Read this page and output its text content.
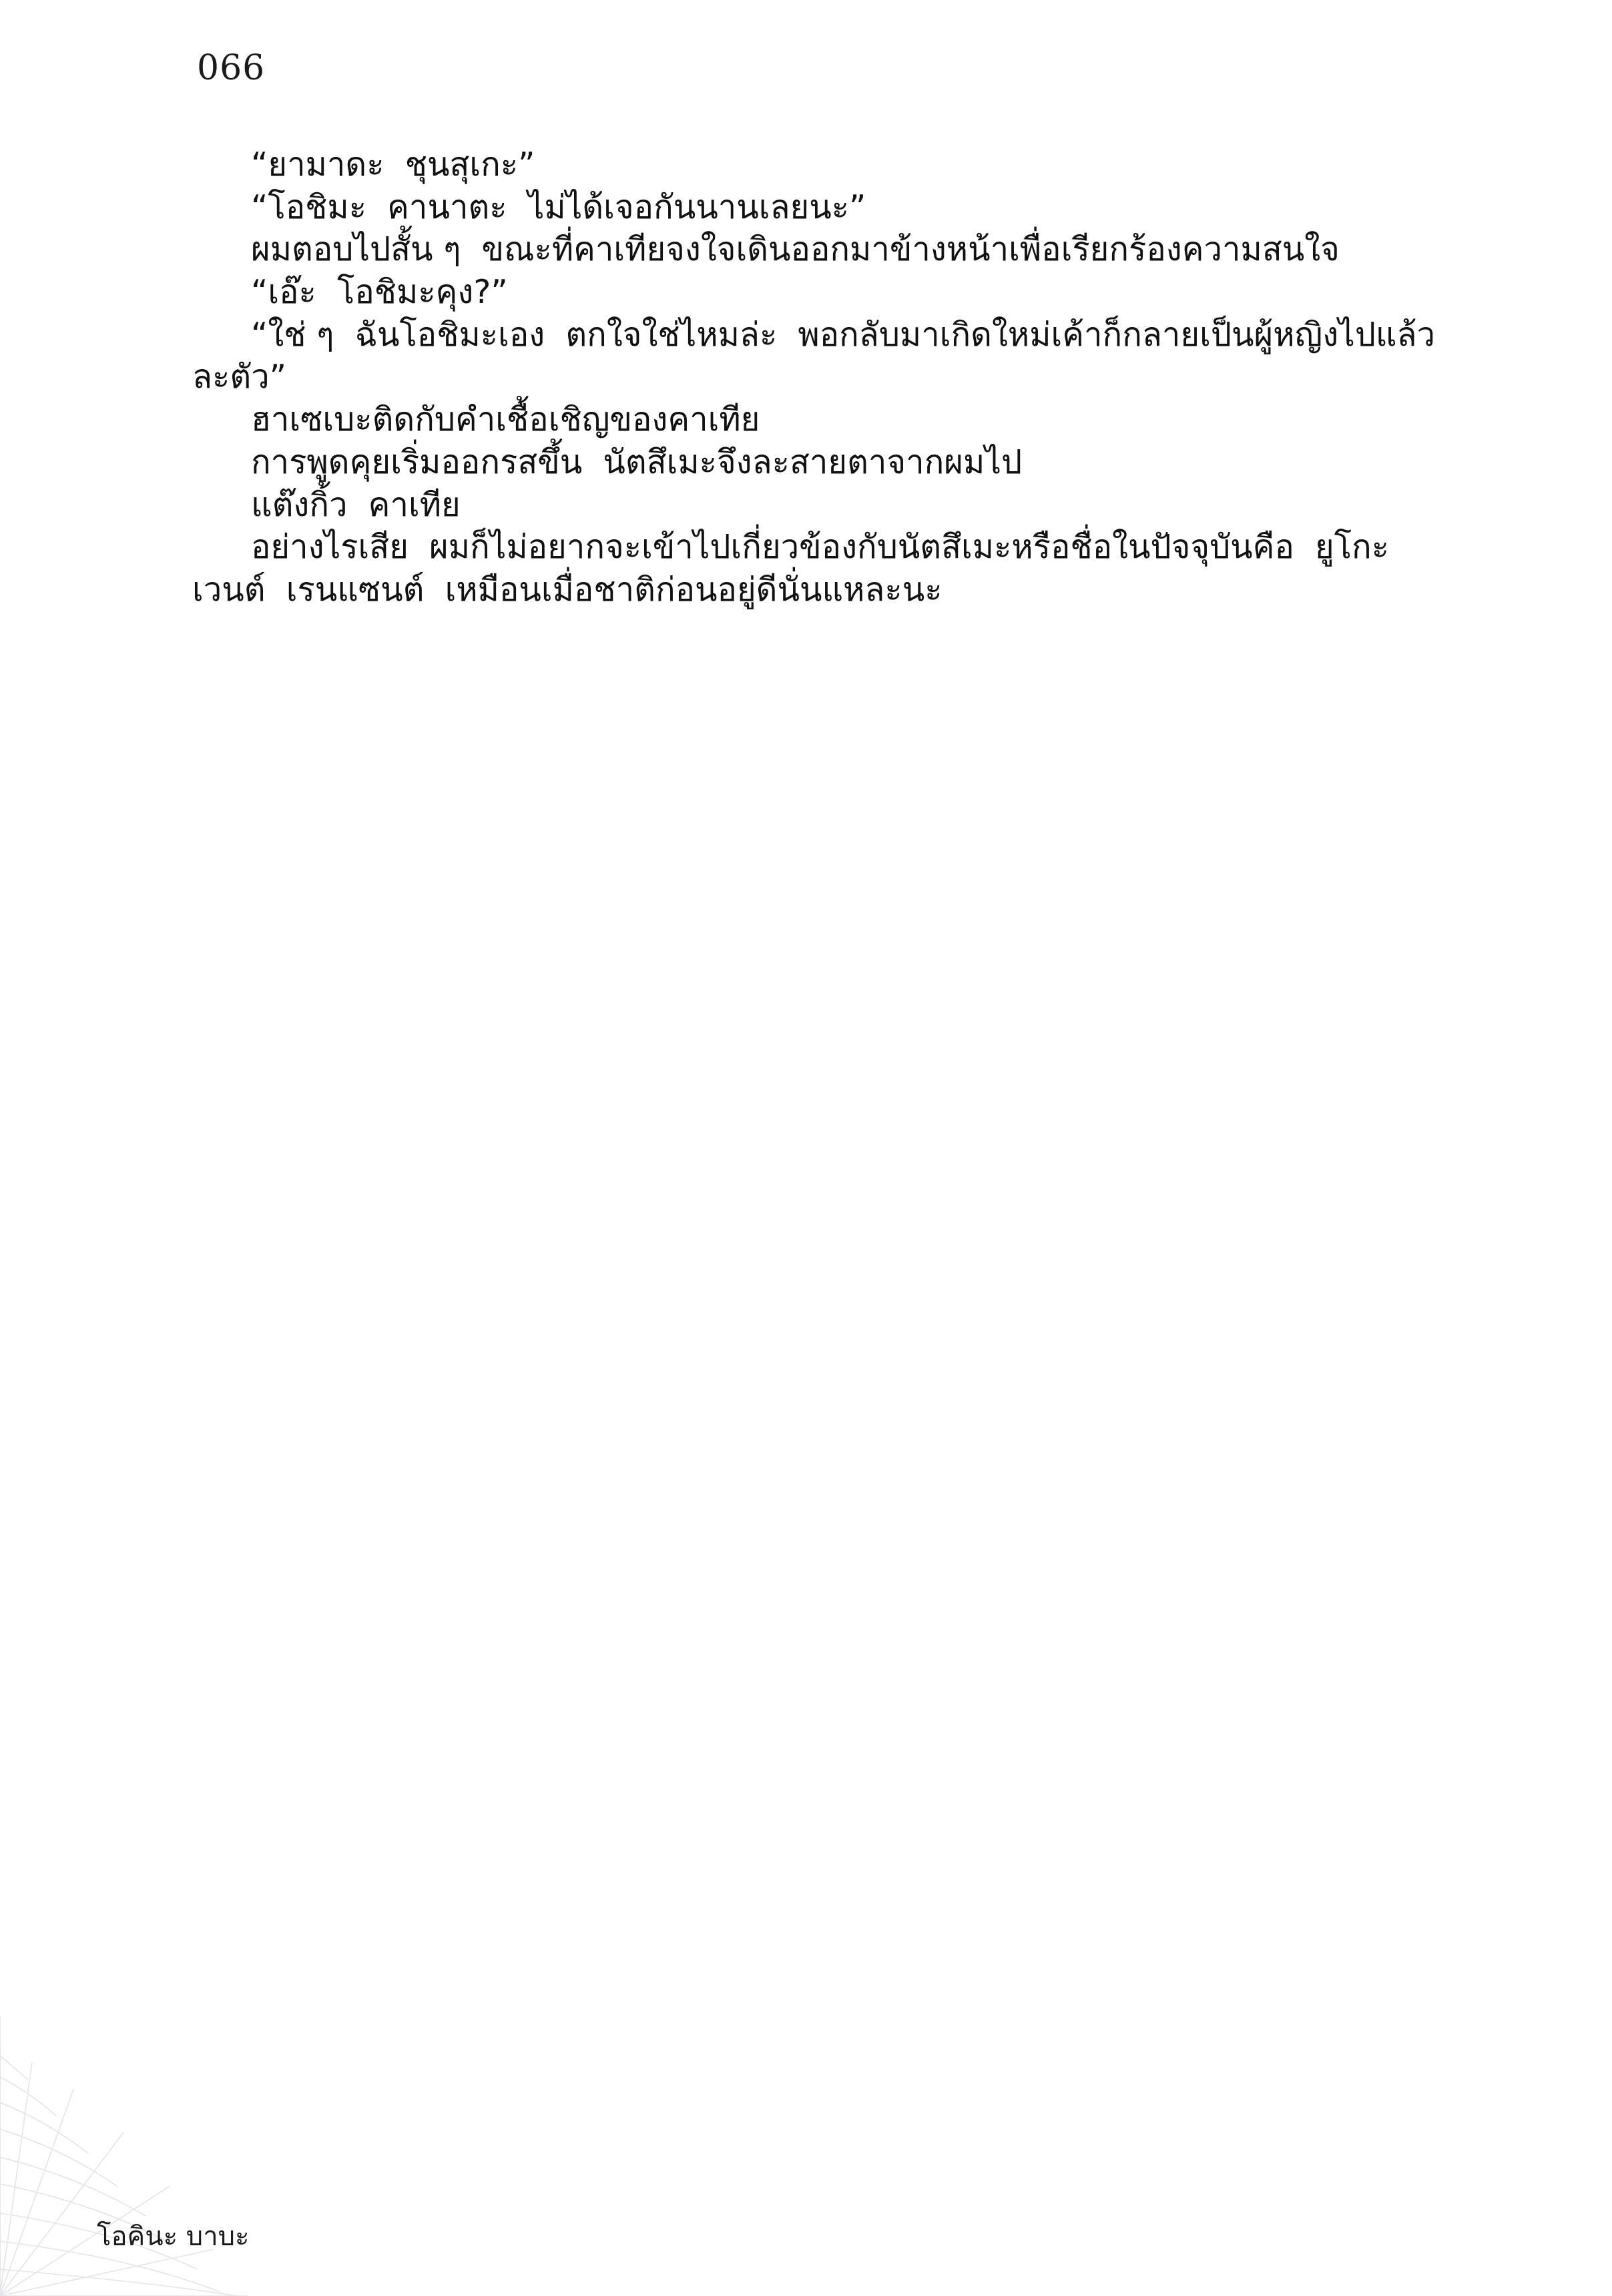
066

“ยามาดะ  ชุนสุเกะ”

“โอชิมะ  คานาตะ  ไม่ได้เจอกันนานเลยนะ”

ผมตอบไปสั้น ๆ  ขณะที่คาเทียจงใจเดินออกมาข้างหน้าเพื่อเรียกร้องความสนใจ

“เอ๊ะ  โอชิมะคุง?”

“ใช่ ๆ  ฉันโอชิมะเอง  ตกใจใช่ไหมล่ะ  พอกลับมาเกิดใหม่เค้าก็กลายเป็นผู้หญิงไปแล้วละตัว”

ฮาเซเบะติดกับคำเชื้อเชิญของคาเทีย

การพูดคุยเริ่มออกรสขึ้น  นัตสึเมะจึงละสายตาจากผมไป

แต๊งกิ้ว  คาเทีย

อย่างไรเสีย  ผมก็ไม่อยากจะเข้าไปเกี่ยวข้องกับนัตสึเมะหรือชื่อในปัจจุบันคือ  ยูโกะ  เวนต์  เรนแซนต์  เหมือนเมื่อชาติก่อนอยู่ดีนั่นแหละนะ

โอคินะ บาบะ
